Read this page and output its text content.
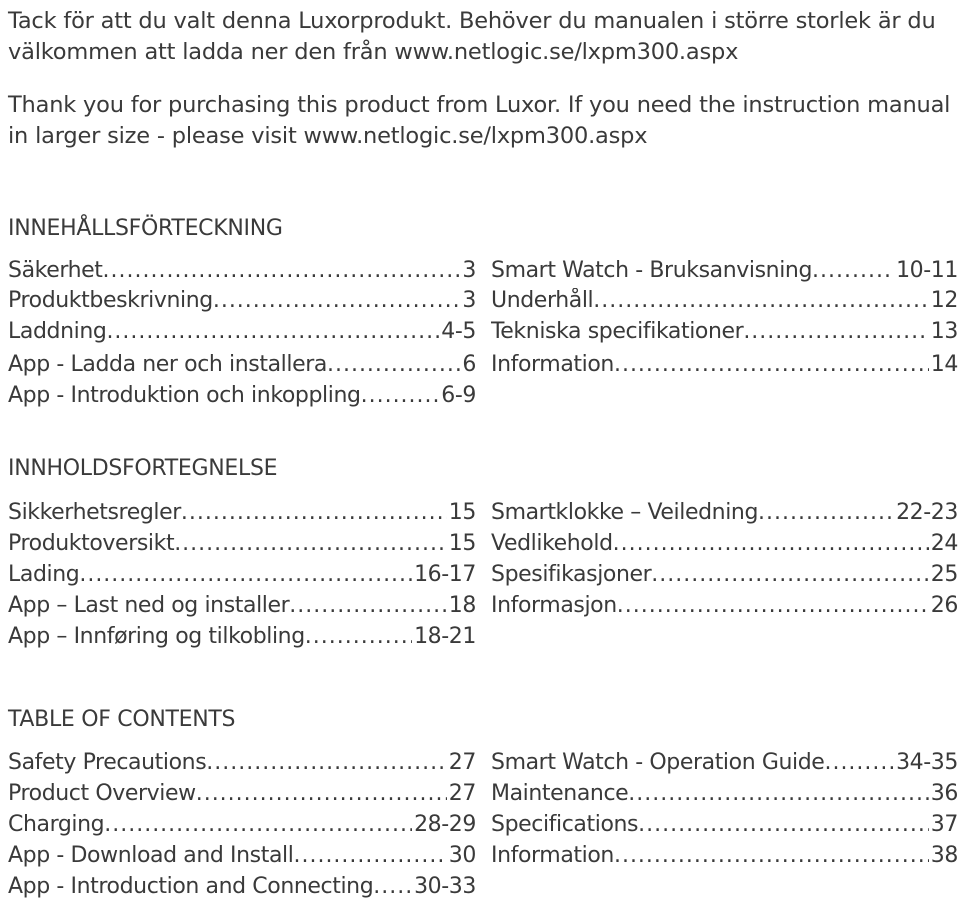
Tack för att du valt denna Luxorprodukt. Behöver du manualen i större storlek är du välkommen att ladda ner den från www.netlogic.se/lxpm300.aspx

Thank you for purchasing this product from Luxor. If you need the instruction manual in larger size - please visit www.netlogic.se/lxpm300.aspx

INNEHÅLLSFÖRTECKNING
Säkerhet .....	3
Produktbeskrivning .....	3
Laddning .....	4-5
App - Ladda ner och installera .....	6
App - Introduktion och inkoppling .....	6-9
Smart Watch - Bruksanvisning .....	10-11
Underhåll .....	12
Tekniska specifikationer .....	13
Information .....	14
INNHOLDSFORTEGNELSE
Sikkerhetsregler .....	15
Produktoversikt .....	15
Lading .....	16-17
App – Last ned og installer .....	18
App – Innføring og tilkobling .....	18-21
Smartklokke – Veiledning .....	22-23
Vedlikehold .....	24
Spesifikasjoner .....	25
Informasjon .....	26
TABLE OF CONTENTS
Safety Precautions .....	27
Product Overview .....	27
Charging .....	28-29
App - Download and Install .....	30
App - Introduction and Connecting ..... 30-33
Smart Watch - Operation Guide .....	34-35
Maintenance .....	36
Specifications .....	37
Information .....	38
